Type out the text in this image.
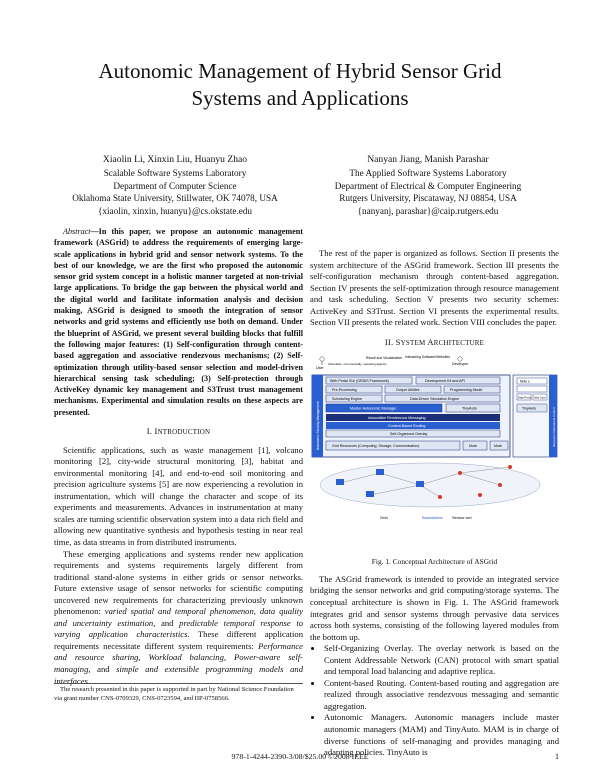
Autonomic Management of Hybrid Sensor Grid
Systems and Applications
Xiaolin Li, Xinxin Liu, Huanyu Zhao
Scalable Software Systems Laboratory
Department of Computer Science
Oklahoma State University, Stillwater, OK 74078, USA
{xiaolin, xinxin, huanyu}@cs.okstate.edu
Nanyan Jiang, Manish Parashar
The Applied Software Systems Laboratory
Department of Electrical & Computer Engineering
Rutgers University, Piscataway, NJ 08854, USA
{nanyanj, parashar}@caip.rutgers.edu

Abstract—In this paper, we propose an autonomic management framework (ASGrid) to address the requirements of emerging large-scale applications in hybrid grid and sensor network systems. To the best of our knowledge, we are the first who proposed the autonomic sensor grid system concept in a holistic manner targeted at non-trivial large applications. To bridge the gap between the physical world and the digital world and facilitate information analysis and decision making, ASGrid is designed to smooth the integration of sensor networks and grid systems and efficiently use both on demand. Under the blueprint of ASGrid, we present several building blocks that fulfill the following major features: (1) Self-configuration through content-based aggregation and associative rendezvous mechanisms; (2) Self-optimization through utility-based sensor selection and model-driven hierarchical sensing task scheduling; (3) Self-protection through ActiveKey dynamic key management and S3Trust trust management mechanisms. Experimental and simulation results on these aspects are presented.

I. INTRODUCTION

Scientific applications, such as waste management [1], volcano monitoring [2], city-wide structural monitoring [3], habitat and environmental monitoring [4], and end-to-end soil monitoring and precision agriculture systems [5] are now experiencing a revolution in instrumentation, which will change the character and scope of its experiments and measurements. Advances in instrumentation at many scales are turning scientific observation system into a data rich field and allowing new quantitative synthesis and hypothesis testing in near real time, as data streams in from distributed instruments.

These emerging applications and systems render new application requirements and systems requirements largely different from traditional stand-alone systems in either grids or sensor networks. Future extensive usage of sensor networks for scientific computing uncovered new requirements for characterizing previously unknown phenomenon: varied spatial and temporal phenomenon, data quality and uncertainty estimation, and predictable temporal response to varying application characteristics. These different application requirements necessitate different system requirements: Performance and resource sharing, Workload balancing, Power-aware self-managing, and simple and extensible programming models and interfaces.

The research presented in this paper is supported in part by National Science Foundation via grant number CNS-0709329, CNS-0723594, and IIP-0758566.

The rest of the paper is organized as follows. Section II presents the system architecture of the ASGrid framework. Section III presents the self-configuration mechanism through content-based aggregation. Section IV presents the self-optimization through resource management and task scheduling. Section V presents two security schemes: ActiveKey and S3Trust. Section VI presents the experimental results. Section VII presents the related work. Section VIII concludes the paper.

II. SYSTEM ARCHITECTURE
User
(Scientists, Commercially, operating agents)
Result and Visualization Interacting Software/Websites
Developer
Autonomic Security Management
Web Portal GUI (GRIDS Framework)	Development Kit and API
Pre-Processing	Output Utilities	Programming Model
Scheduling Engine	Data-Driven Simulation Engine
Master Autonomic Manager	TinyAuto
Associative Rendezvous Messaging
Content-Based Routing
Self-Organized Overlay
Grid Resources (Computing, Storage, Communication)	Mote	Mote
Mote s
Data Prcsn. Infor Scut
TinyAuto	Resource Operational Control
Grid	Basestation Sensor-net
Fig. 1. Conceptual Architecture of ASGrid

The ASGrid framework is intended to provide an integrated service bridging the sensor networks and grid computing/storage systems. The conceptual architecture is shown in Fig. 1. The ASGrid framework integrates grid and sensor systems through pervasive data services across both systems, consisting of the following layered modules from the bottom up.

• Self-Organizing Overlay. The overlay network is based on the Content Addressable Network (CAN) protocol with smart spatial and temporal load balancing and adaptive replica.
• Content-based Routing. Content-based routing and aggregation are realized through associative rendezvous messaging and semantic aggregation.
• Autonomic Managers. Autonomic managers include master autonomic managers (MAM) and TinyAuto. MAM is in charge of diverse functions of self-managing and provides managing and adapting policies. TinyAuto is
978-1-4244-2390-3/08/$25.00 ©2008 IEEE	1
